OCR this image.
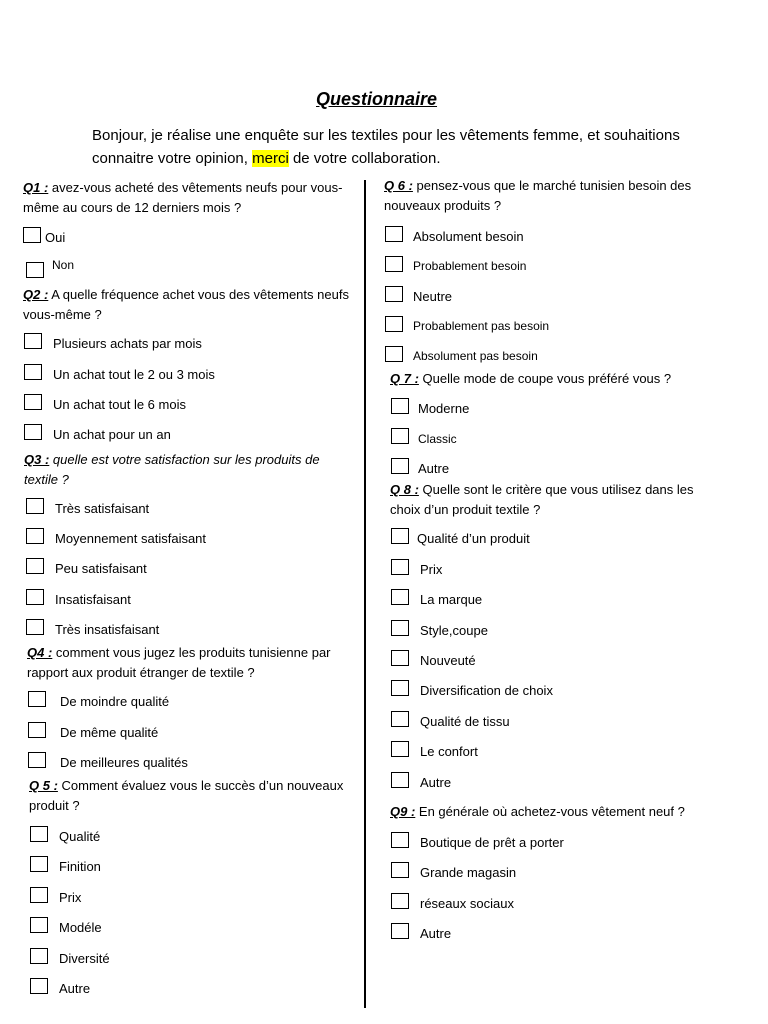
Questionnaire
Bonjour, je réalise une enquête sur les textiles pour les vêtements femme, et souhaitions connaitre votre opinion, merci de votre collaboration.
Q1 : avez-vous acheté des vêtements neufs pour vous-même au cours de 12 derniers mois ?
Oui
Non
Q2 : A quelle fréquence achet vous des vêtements neufs vous-même ?
Plusieurs achats par mois
Un achat tout le 2 ou 3 mois
Un achat tout le 6 mois
Un achat pour un an
Q3 : quelle est votre satisfaction sur les produits de textile ?
Très satisfaisant
Moyennement satisfaisant
Peu satisfaisant
Insatisfaisant
Très insatisfaisant
Q4 : comment vous jugez les produits tunisienne par rapport aux produit étranger de textile ?
De moindre qualité
De même qualité
De meilleures qualités
Q 5 : Comment évaluez vous le succès d’un nouveaux produit ?
Qualité
Finition
Prix
Modéle
Diversité
Autre
Q 6 : pensez-vous que le marché tunisien besoin des nouveaux produits ?
Absolument besoin
Probablement besoin
Neutre
Probablement pas besoin
Absolument pas besoin
Q 7 : Quelle mode de coupe vous préféré vous ?
Moderne
Classic
Autre
Q 8 : Quelle sont le critère que vous utilisez dans les choix d’un produit textile ?
Qualité d’un produit
Prix
La marque
Style,coupe
Nouveuté
Diversification de choix
Qualité de tissu
Le confort
Autre
Q9 : En générale où achetez-vous vêtement neuf ?
Boutique de prêt a porter
Grande magasin
réseaux sociaux
Autre
